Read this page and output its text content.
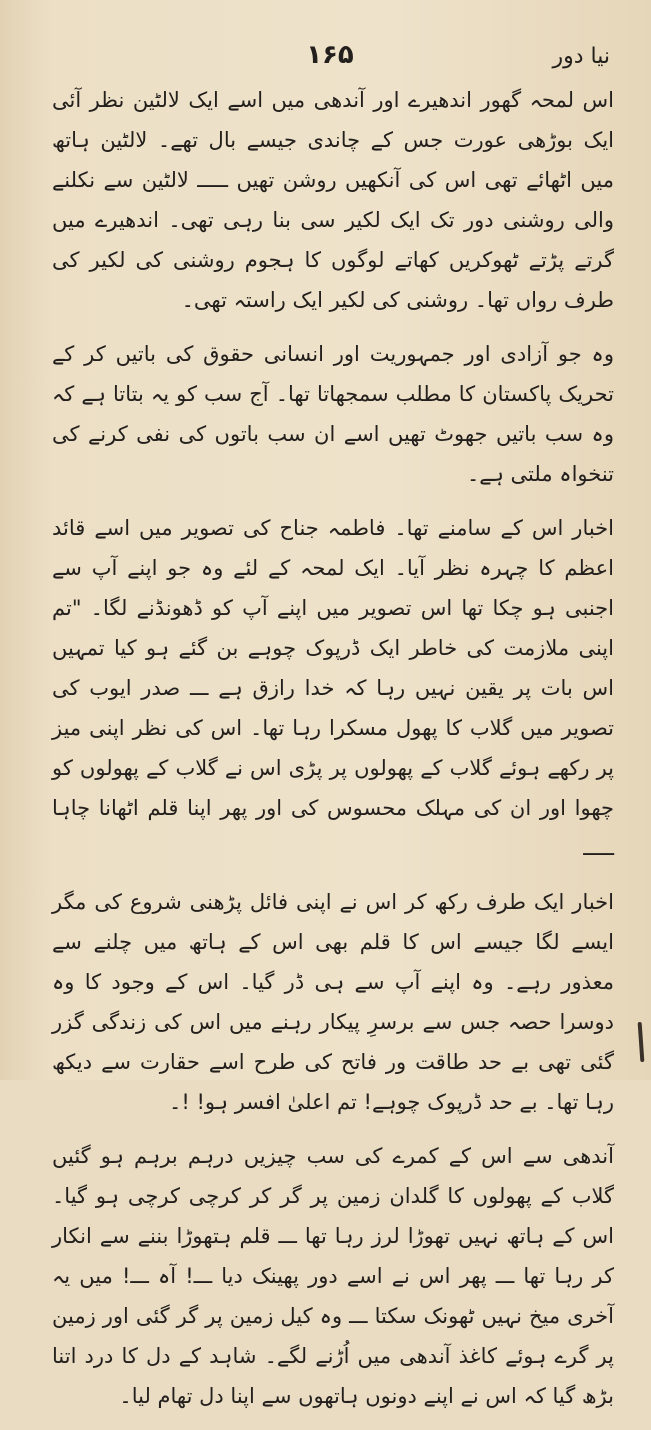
۱۶۵	نیا دور

اس لمحہ گھور اندھیرے اور آندھی میں اسے ایک لالٹین نظر آئی ایک بوڑھی عورت جس کے چاندی جیسے بال تھے۔ لالٹین ہاتھ میں اٹھائے تھی اس کی آنکھیں روشن تھیں ـــــ لالٹین سے نکلنے والی روشنی دور تک ایک لکیر سی بنا رہی تھی۔ اندھیرے میں گرتے پڑتے ٹھوکریں کھاتے لوگوں کا ہجوم روشنی کی لکیر کی طرف رواں تھا۔ روشنی کی لکیر ایک راستہ تھی۔

وہ جو آزادی اور جمہوریت اور انسانی حقوق کی باتیں کر کے تحریک پاکستان کا مطلب سمجھاتا تھا۔ آج سب کو یہ بتاتا ہے کہ وہ سب باتیں جھوٹ تھیں اسے ان سب باتوں کی نفی کرنے کی تنخواہ ملتی ہے۔

اخبار اس کے سامنے تھا۔ فاطمہ جناح کی تصویر میں اسے قائد اعظم کا چہرہ نظر آیا۔ ایک لمحہ کے لئے وہ جو اپنے آپ سے اجنبی ہو چکا تھا اس تصویر میں اپنے آپ کو ڈھونڈنے لگا۔ "تم اپنی ملازمت کی خاطر ایک ڈرپوک چوہے بن گئے ہو کیا تمہیں اس بات پر یقین نہیں رہا کہ خدا رازق ہے ـــ صدر ایوب کی تصویر میں گلاب کا پھول مسکرا رہا تھا۔ اس کی نظر اپنی میز پر رکھے ہوئے گلاب کے پھولوں پر پڑی اس نے گلاب کے پھولوں کو چھوا اور ان کی مہلک محسوس کی اور پھر اپنا قلم اٹھانا چاہا ـــــ

اخبار ایک طرف رکھ کر اس نے اپنی فائل پڑھنی شروع کی مگر ایسے لگا جیسے اس کا قلم بھی اس کے ہاتھ میں چلنے سے معذور رہے۔ وہ اپنے آپ سے ہی ڈر گیا۔ اس کے وجود کا وہ دوسرا حصہ جس سے برسرِ پیکار رہنے میں اس کی زندگی گزر گئی تھی بے حد طاقت ور فاتح کی طرح اسے حقارت سے دیکھ رہا تھا۔ بے حد ڈرپوک چوہے! تم اعلیٰ افسر ہو! !۔

آندھی سے اس کے کمرے کی سب چیزیں درہم برہم ہو گئیں گلاب کے پھولوں کا گلدان زمین پر گر کر کرچی کرچی ہو گیا۔ اس کے ہاتھ نہیں تھوڑا لرز رہا تھا ـــ قلم ہتھوڑا بننے سے انکار کر رہا تھا ـــ پھر اس نے اسے دور پھینک دیا ـــ! آہ ـــ! میں یہ آخری میخ نہیں ٹھونک سکتا ـــ وہ کیل زمین پر گر گئی اور زمین پر گرے ہوئے کاغذ آندھی میں اُڑنے لگے۔ شاہد کے دل کا درد اتنا بڑھ گیا کہ اس نے اپنے دونوں ہاتھوں سے اپنا دل تھام لیا۔
